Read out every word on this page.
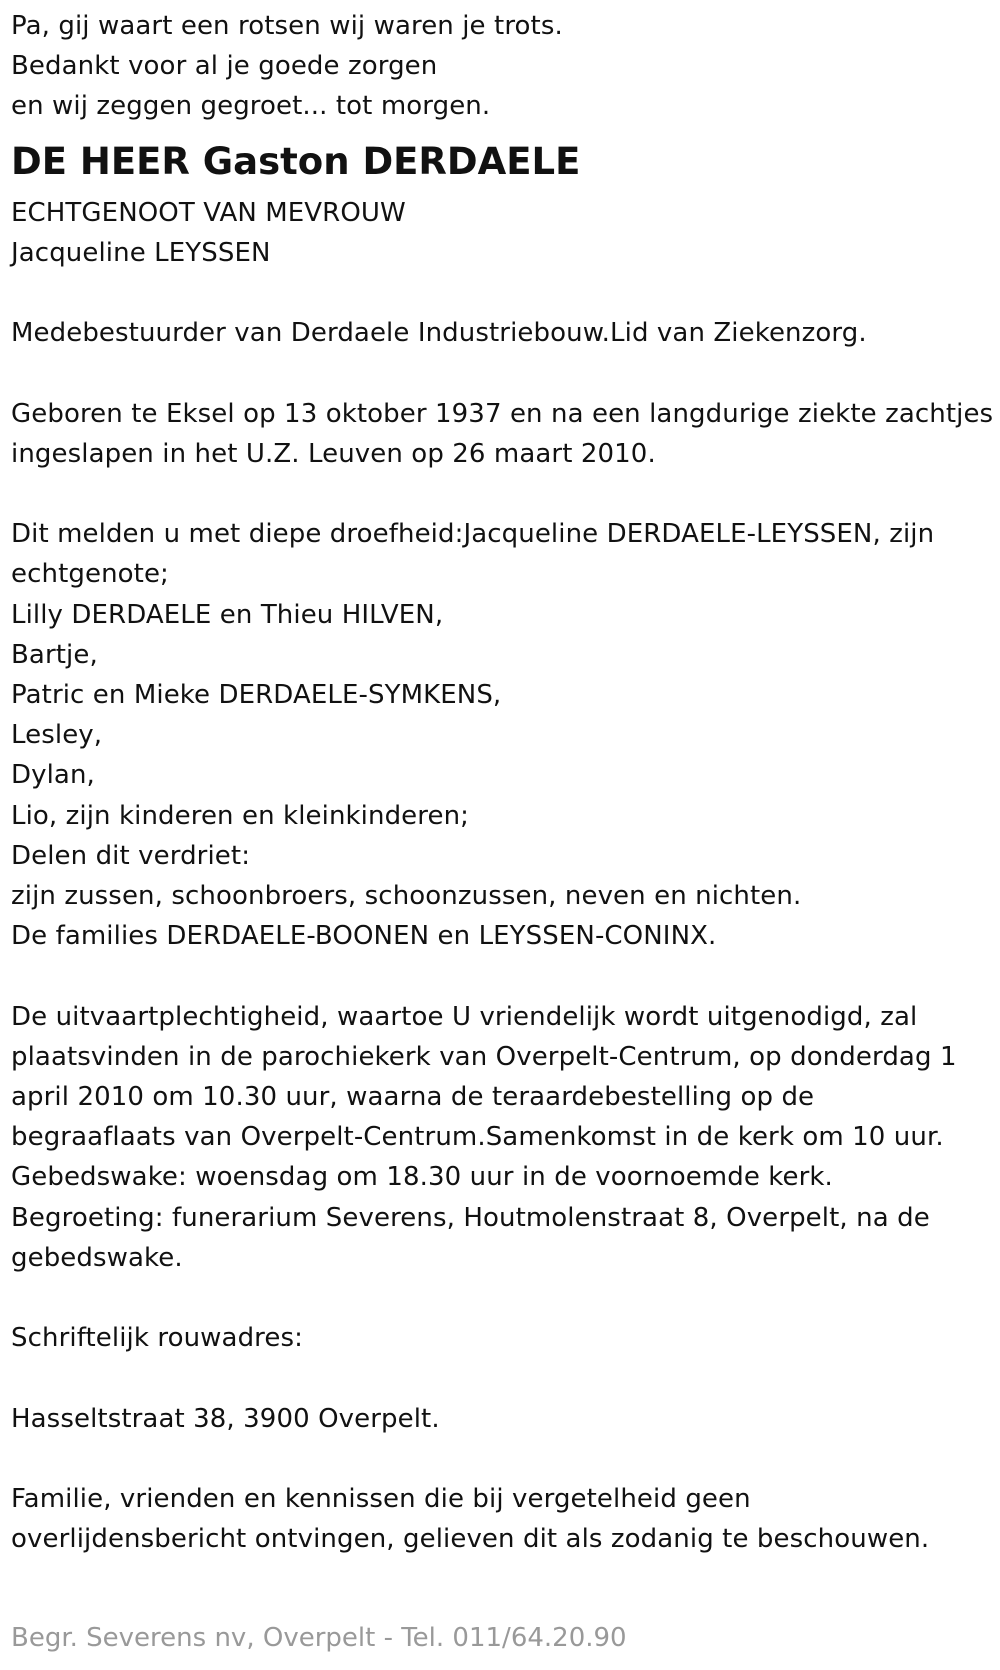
Pa, gij waart een rotsen wij waren je trots.

Bedankt voor al je goede zorgen

en wij zeggen gegroet... tot morgen.

DE HEER Gaston DERDAELE

ECHTGENOOT VAN MEVROUW

Jacqueline LEYSSEN

Medebestuurder van Derdaele Industriebouw.Lid van Ziekenzorg.

Geboren te Eksel op 13 oktober 1937 en na een langdurige ziekte zachtjes

ingeslapen in het U.Z. Leuven op 26 maart 2010.

Dit melden u met diepe droefheid:Jacqueline DERDAELE-LEYSSEN, zijn

echtgenote;

Lilly DERDAELE en Thieu HILVEN,

Bartje,

Patric en Mieke DERDAELE-SYMKENS,

Lesley,

Dylan,

Lio, zijn kinderen en kleinkinderen;

Delen dit verdriet:

zijn zussen, schoonbroers, schoonzussen, neven en nichten.

De families DERDAELE-BOONEN en LEYSSEN-CONINX.

De uitvaartplechtigheid, waartoe U vriendelijk wordt uitgenodigd, zal

plaatsvinden in de parochiekerk van Overpelt-Centrum, op donderdag 1

april 2010 om 10.30 uur, waarna de teraardebestelling op de

begraaflaats van Overpelt-Centrum.Samenkomst in de kerk om 10 uur.

Gebedswake: woensdag om 18.30 uur in de voornoemde kerk.

Begroeting: funerarium Severens, Houtmolenstraat 8, Overpelt, na de

gebedswake.

Schriftelijk rouwadres:

Hasseltstraat 38, 3900 Overpelt.

Familie, vrienden en kennissen die bij vergetelheid geen

overlijdensbericht ontvingen, gelieven dit als zodanig te beschouwen.

Begr. Severens nv, Overpelt - Tel. 011/64.20.90
